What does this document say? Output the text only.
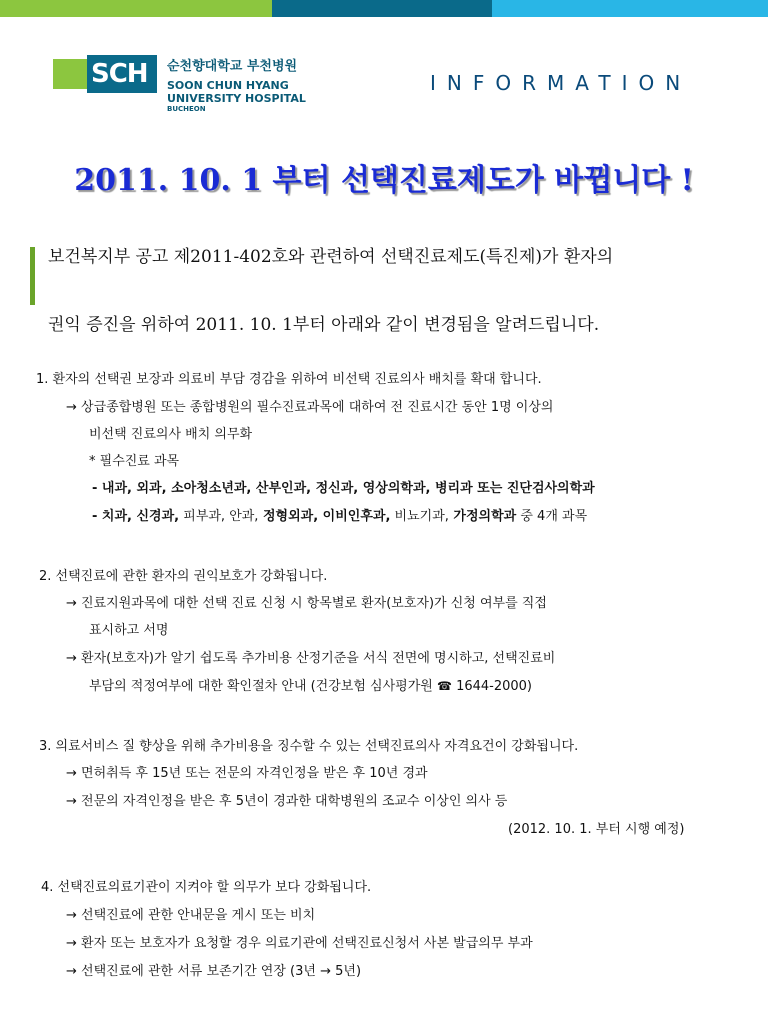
SCH 순천향대학교 부천병원
SOON CHUN HYANG
UNIVERSITY HOSPITAL
BUCHEON
INFORMATION
2011. 10. 1 부터 선택진료제도가 바뀝니다 !
보건복지부 공고 제2011-402호와 관련하여 선택진료제도(특진제)가 환자의
권익 증진을 위하여 2011. 10. 1부터 아래와 같이 변경됨을 알려드립니다.
1. 환자의 선택권 보장과 의료비 부담 경감을 위하여 비선택 진료의사 배치를 확대 합니다.
→ 상급종합병원 또는 종합병원의 필수진료과목에 대하여 전 진료시간 동안 1명 이상의
비선택 진료의사 배치 의무화
* 필수진료 과목
- 내과, 외과, 소아청소년과, 산부인과, 정신과, 영상의학과, 병리과 또는 진단검사의학과
- 치과, 신경과, 피부과, 안과, 정형외과, 이비인후과, 비뇨기과, 가정의학과 중 4개 과목
2. 선택진료에 관한 환자의 권익보호가 강화됩니다.
→ 진료지원과목에 대한 선택 진료 신청 시 항목별로 환자(보호자)가 신청 여부를 직접
표시하고 서명
→ 환자(보호자)가 알기 쉽도록 추가비용 산정기준을 서식 전면에 명시하고, 선택진료비
부담의 적정여부에 대한 확인절차 안내 (건강보험 심사평가원 ☎ 1644-2000)
3. 의료서비스 질 향상을 위해 추가비용을 징수할 수 있는 선택진료의사 자격요건이 강화됩니다.
→ 면허취득 후 15년 또는 전문의 자격인정을 받은 후 10년 경과
→ 전문의 자격인정을 받은 후 5년이 경과한 대학병원의 조교수 이상인 의사 등
(2012. 10. 1. 부터 시행 예정)
4. 선택진료의료기관이 지켜야 할 의무가 보다 강화됩니다.
→ 선택진료에 관한 안내문을 게시 또는 비치
→ 환자 또는 보호자가 요청할 경우 의료기관에 선택진료신청서 사본 발급의무 부과
→ 선택진료에 관한 서류 보존기간 연장 (3년 → 5년)
